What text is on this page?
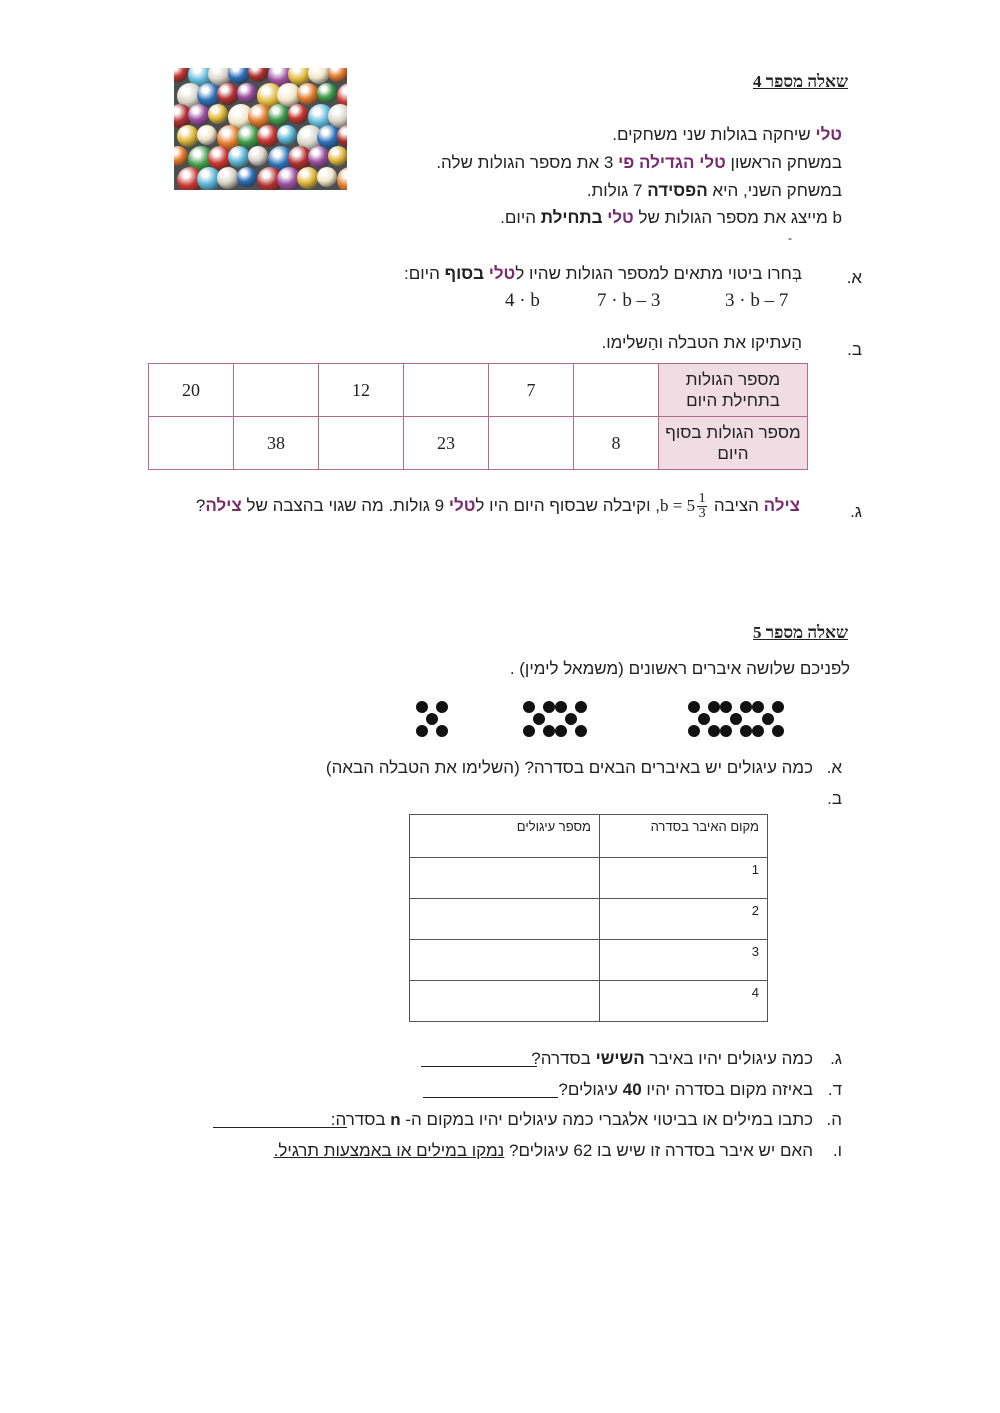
שאלה מספר 4
טלי שיחקה בגולות שני משחקים.
במשחק הראשון טלי הגדילה פי 3 את מספר הגולות שלה.
במשחק השני, היא הפסידה 7 גולות.
b מייצג את מספר הגולות של טלי בתחילת היום.
-
א.
בְּחרו ביטוי מתאים למספר הגולות שהיו לטלי בסוף היום:
3 · b – 7
7 · b – 3
4 · b
ב.
הַעתיקו את הטבלה והַשלימו.
מספר הגולות בתחילת היום		7		12		20
מספר הגולות בסוף היום	8		23		38	
ג.
צילה הציבה $b = 5 \frac{1}{3}$
, וקיבלה שבסוף היום היו לטלי 9 גולות. מה שגוי בהצבה של צילה?
שאלה מספר 5
לפניכם שלושה איברים ראשונים (משמאל לימין) .
א.
כמה עיגולים יש באיברים הבאים בסדרה? (השלימו את הטבלה הבאה)
ב.
מקום האיבר בסדרה	מספר עיגולים
1	
2	
3	
4	
ג.
כמה עיגולים יהיו באיבר השישי בסדרה?
ד.
באיזה מקום בסדרה יהיו 40 עיגולים?
ה.
כתבו במילים או בביטוי אלגברי כמה עיגולים יהיו במקום ה- n בסדרה:
ו.
האם יש איבר בסדרה זו שיש בו 62 עיגולים? נמקו במילים או באמצעות תרגיל.
